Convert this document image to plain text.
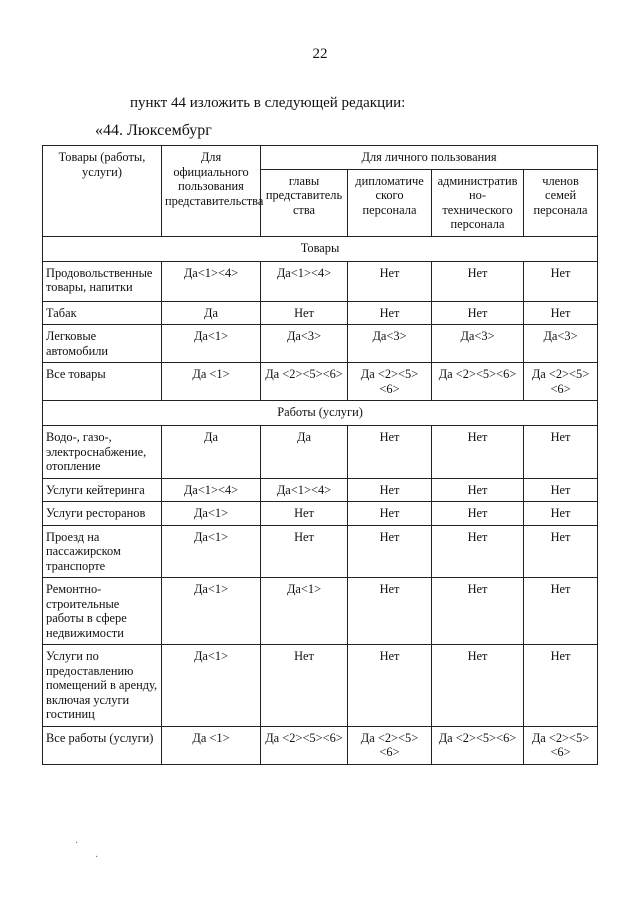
22
пункт 44 изложить в следующей редакции:
«44. Люксембург
Товары (работы, услуги)	Для официального пользования представительства	Для личного пользования			
		главы представитель ства	дипломатиче ского персонала	административ но-технического персонала	членов семей персонала
Товары					
Продовольственные товары, напитки	Да<1><4>	Да<1><4>	Нет	Нет	Нет
Табак	Да	Нет	Нет	Нет	Нет
Легковые автомобили	Да<1>	Да<3>	Да<3>	Да<3>	Да<3>
Все товары	Да <1>	Да <2><5><6>	Да <2><5><6>	Да <2><5><6>	Да <2><5><6>
Работы (услуги)					
Водо-, газо-, электроснабжение, отопление	Да	Да	Нет	Нет	Нет
Услуги кейтеринга	Да<1><4>	Да<1><4>	Нет	Нет	Нет
Услуги ресторанов	Да<1>	Нет	Нет	Нет	Нет
Проезд на пассажирском транспорте	Да<1>	Нет	Нет	Нет	Нет
Ремонтно-строительные работы в сфере недвижимости	Да<1>	Да<1>	Нет	Нет	Нет
Услуги по предоставлению помещений в аренду, включая услуги гостиниц	Да<1>	Нет	Нет	Нет	Нет
Все работы (услуги)	Да <1>	Да <2><5><6>	Да <2><5><6>	Да <2><5><6>	Да <2><5><6>
·
·
